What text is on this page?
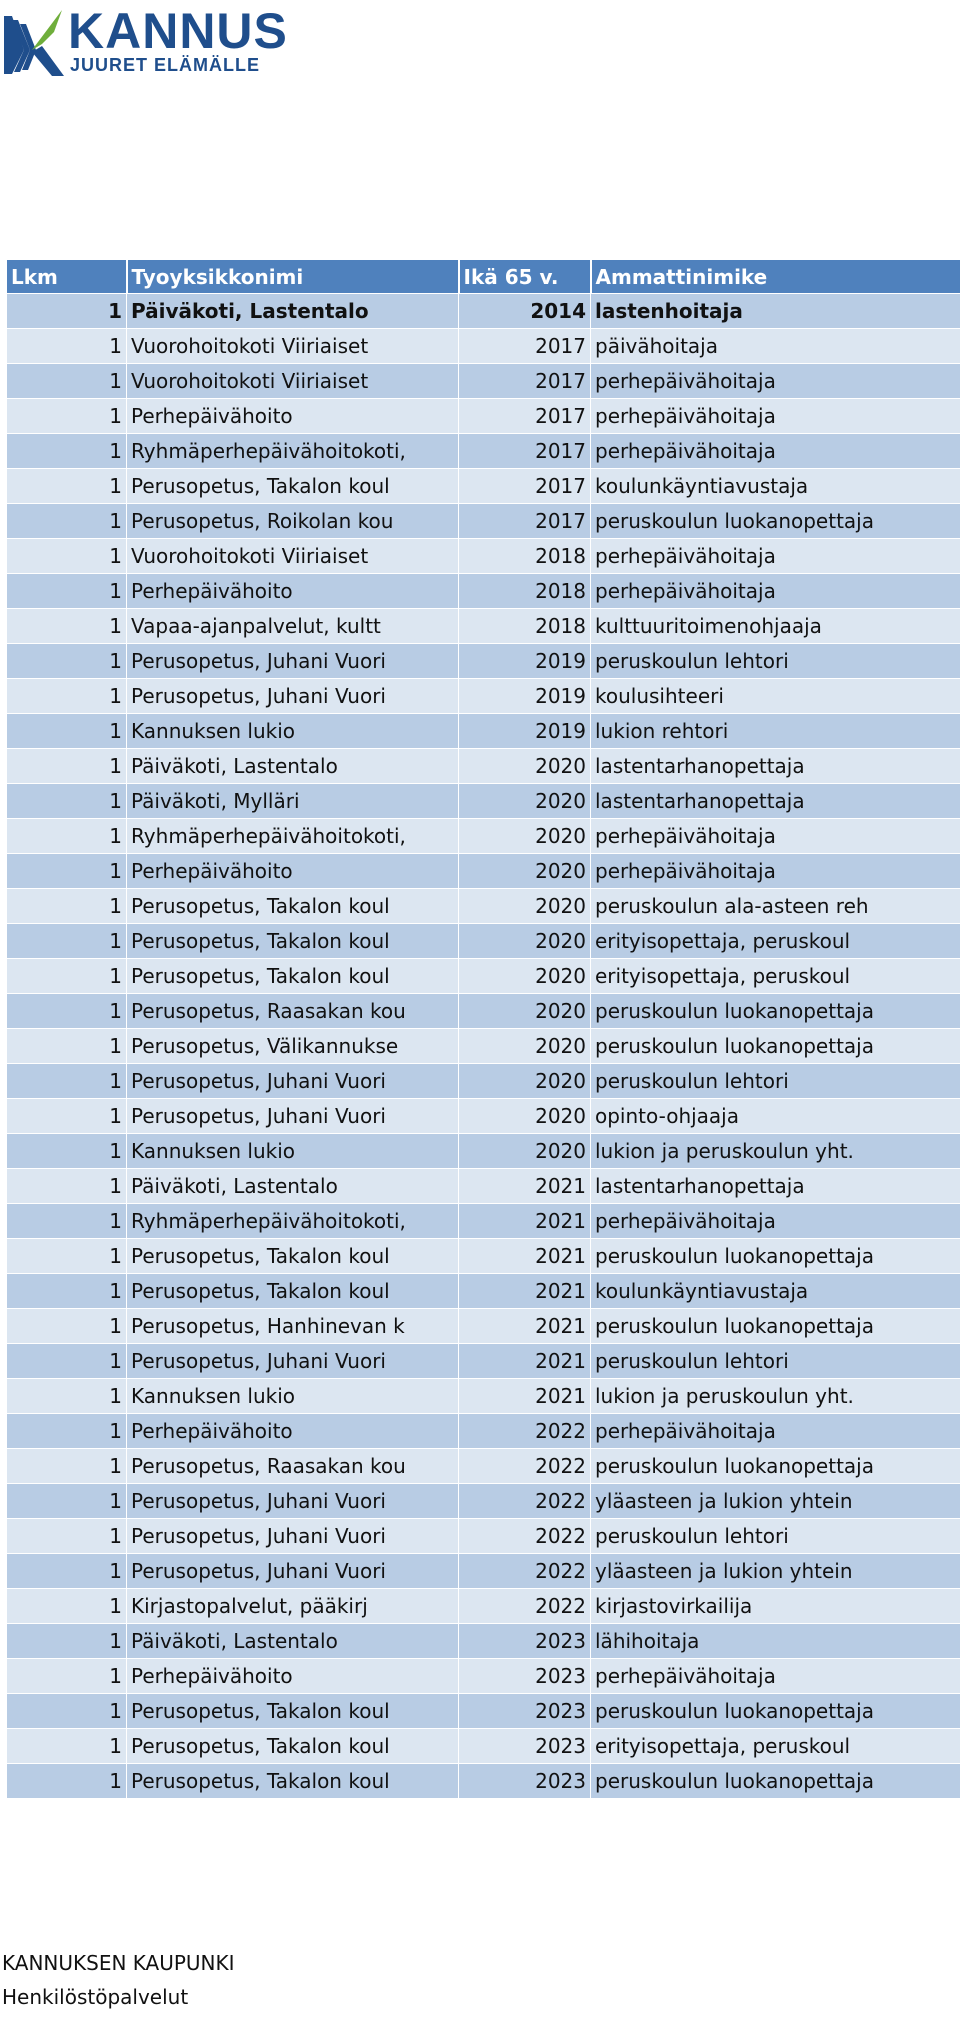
KANNUS
JUURET ELÄMÄLLE
Lkm	Tyoyksikkonimi	Ikä 65 v.	Ammattinimike
1	Päiväkoti, Lastentalo	2014	lastenhoitaja
1	Vuorohoitokoti Viiriaiset	2017	päivähoitaja
1	Vuorohoitokoti Viiriaiset	2017	perhepäivähoitaja
1	Perhepäivähoito	2017	perhepäivähoitaja
1	Ryhmäperhepäivähoitokoti,	2017	perhepäivähoitaja
1	Perusopetus, Takalon koul	2017	koulunkäyntiavustaja
1	Perusopetus, Roikolan kou	2017	peruskoulun luokanopettaja
1	Vuorohoitokoti Viiriaiset	2018	perhepäivähoitaja
1	Perhepäivähoito	2018	perhepäivähoitaja
1	Vapaa-ajanpalvelut, kultt	2018	kulttuuritoimenohjaaja
1	Perusopetus, Juhani Vuori	2019	peruskoulun lehtori
1	Perusopetus, Juhani Vuori	2019	koulusihteeri
1	Kannuksen lukio	2019	lukion rehtori
1	Päiväkoti, Lastentalo	2020	lastentarhanopettaja
1	Päiväkoti, Mylläri	2020	lastentarhanopettaja
1	Ryhmäperhepäivähoitokoti,	2020	perhepäivähoitaja
1	Perhepäivähoito	2020	perhepäivähoitaja
1	Perusopetus, Takalon koul	2020	peruskoulun ala-asteen reh
1	Perusopetus, Takalon koul	2020	erityisopettaja, peruskoul
1	Perusopetus, Takalon koul	2020	erityisopettaja, peruskoul
1	Perusopetus, Raasakan kou	2020	peruskoulun luokanopettaja
1	Perusopetus, Välikannukse	2020	peruskoulun luokanopettaja
1	Perusopetus, Juhani Vuori	2020	peruskoulun lehtori
1	Perusopetus, Juhani Vuori	2020	opinto-ohjaaja
1	Kannuksen lukio	2020	lukion ja peruskoulun yht.
1	Päiväkoti, Lastentalo	2021	lastentarhanopettaja
1	Ryhmäperhepäivähoitokoti,	2021	perhepäivähoitaja
1	Perusopetus, Takalon koul	2021	peruskoulun luokanopettaja
1	Perusopetus, Takalon koul	2021	koulunkäyntiavustaja
1	Perusopetus, Hanhinevan k	2021	peruskoulun luokanopettaja
1	Perusopetus, Juhani Vuori	2021	peruskoulun lehtori
1	Kannuksen lukio	2021	lukion ja peruskoulun yht.
1	Perhepäivähoito	2022	perhepäivähoitaja
1	Perusopetus, Raasakan kou	2022	peruskoulun luokanopettaja
1	Perusopetus, Juhani Vuori	2022	yläasteen ja lukion yhtein
1	Perusopetus, Juhani Vuori	2022	peruskoulun lehtori
1	Perusopetus, Juhani Vuori	2022	yläasteen ja lukion yhtein
1	Kirjastopalvelut, pääkirj	2022	kirjastovirkailija
1	Päiväkoti, Lastentalo	2023	lähihoitaja
1	Perhepäivähoito	2023	perhepäivähoitaja
1	Perusopetus, Takalon koul	2023	peruskoulun luokanopettaja
1	Perusopetus, Takalon koul	2023	erityisopettaja, peruskoul
1	Perusopetus, Takalon koul	2023	peruskoulun luokanopettaja
KANNUKSEN KAUPUNKI
Henkilöstöpalvelut
